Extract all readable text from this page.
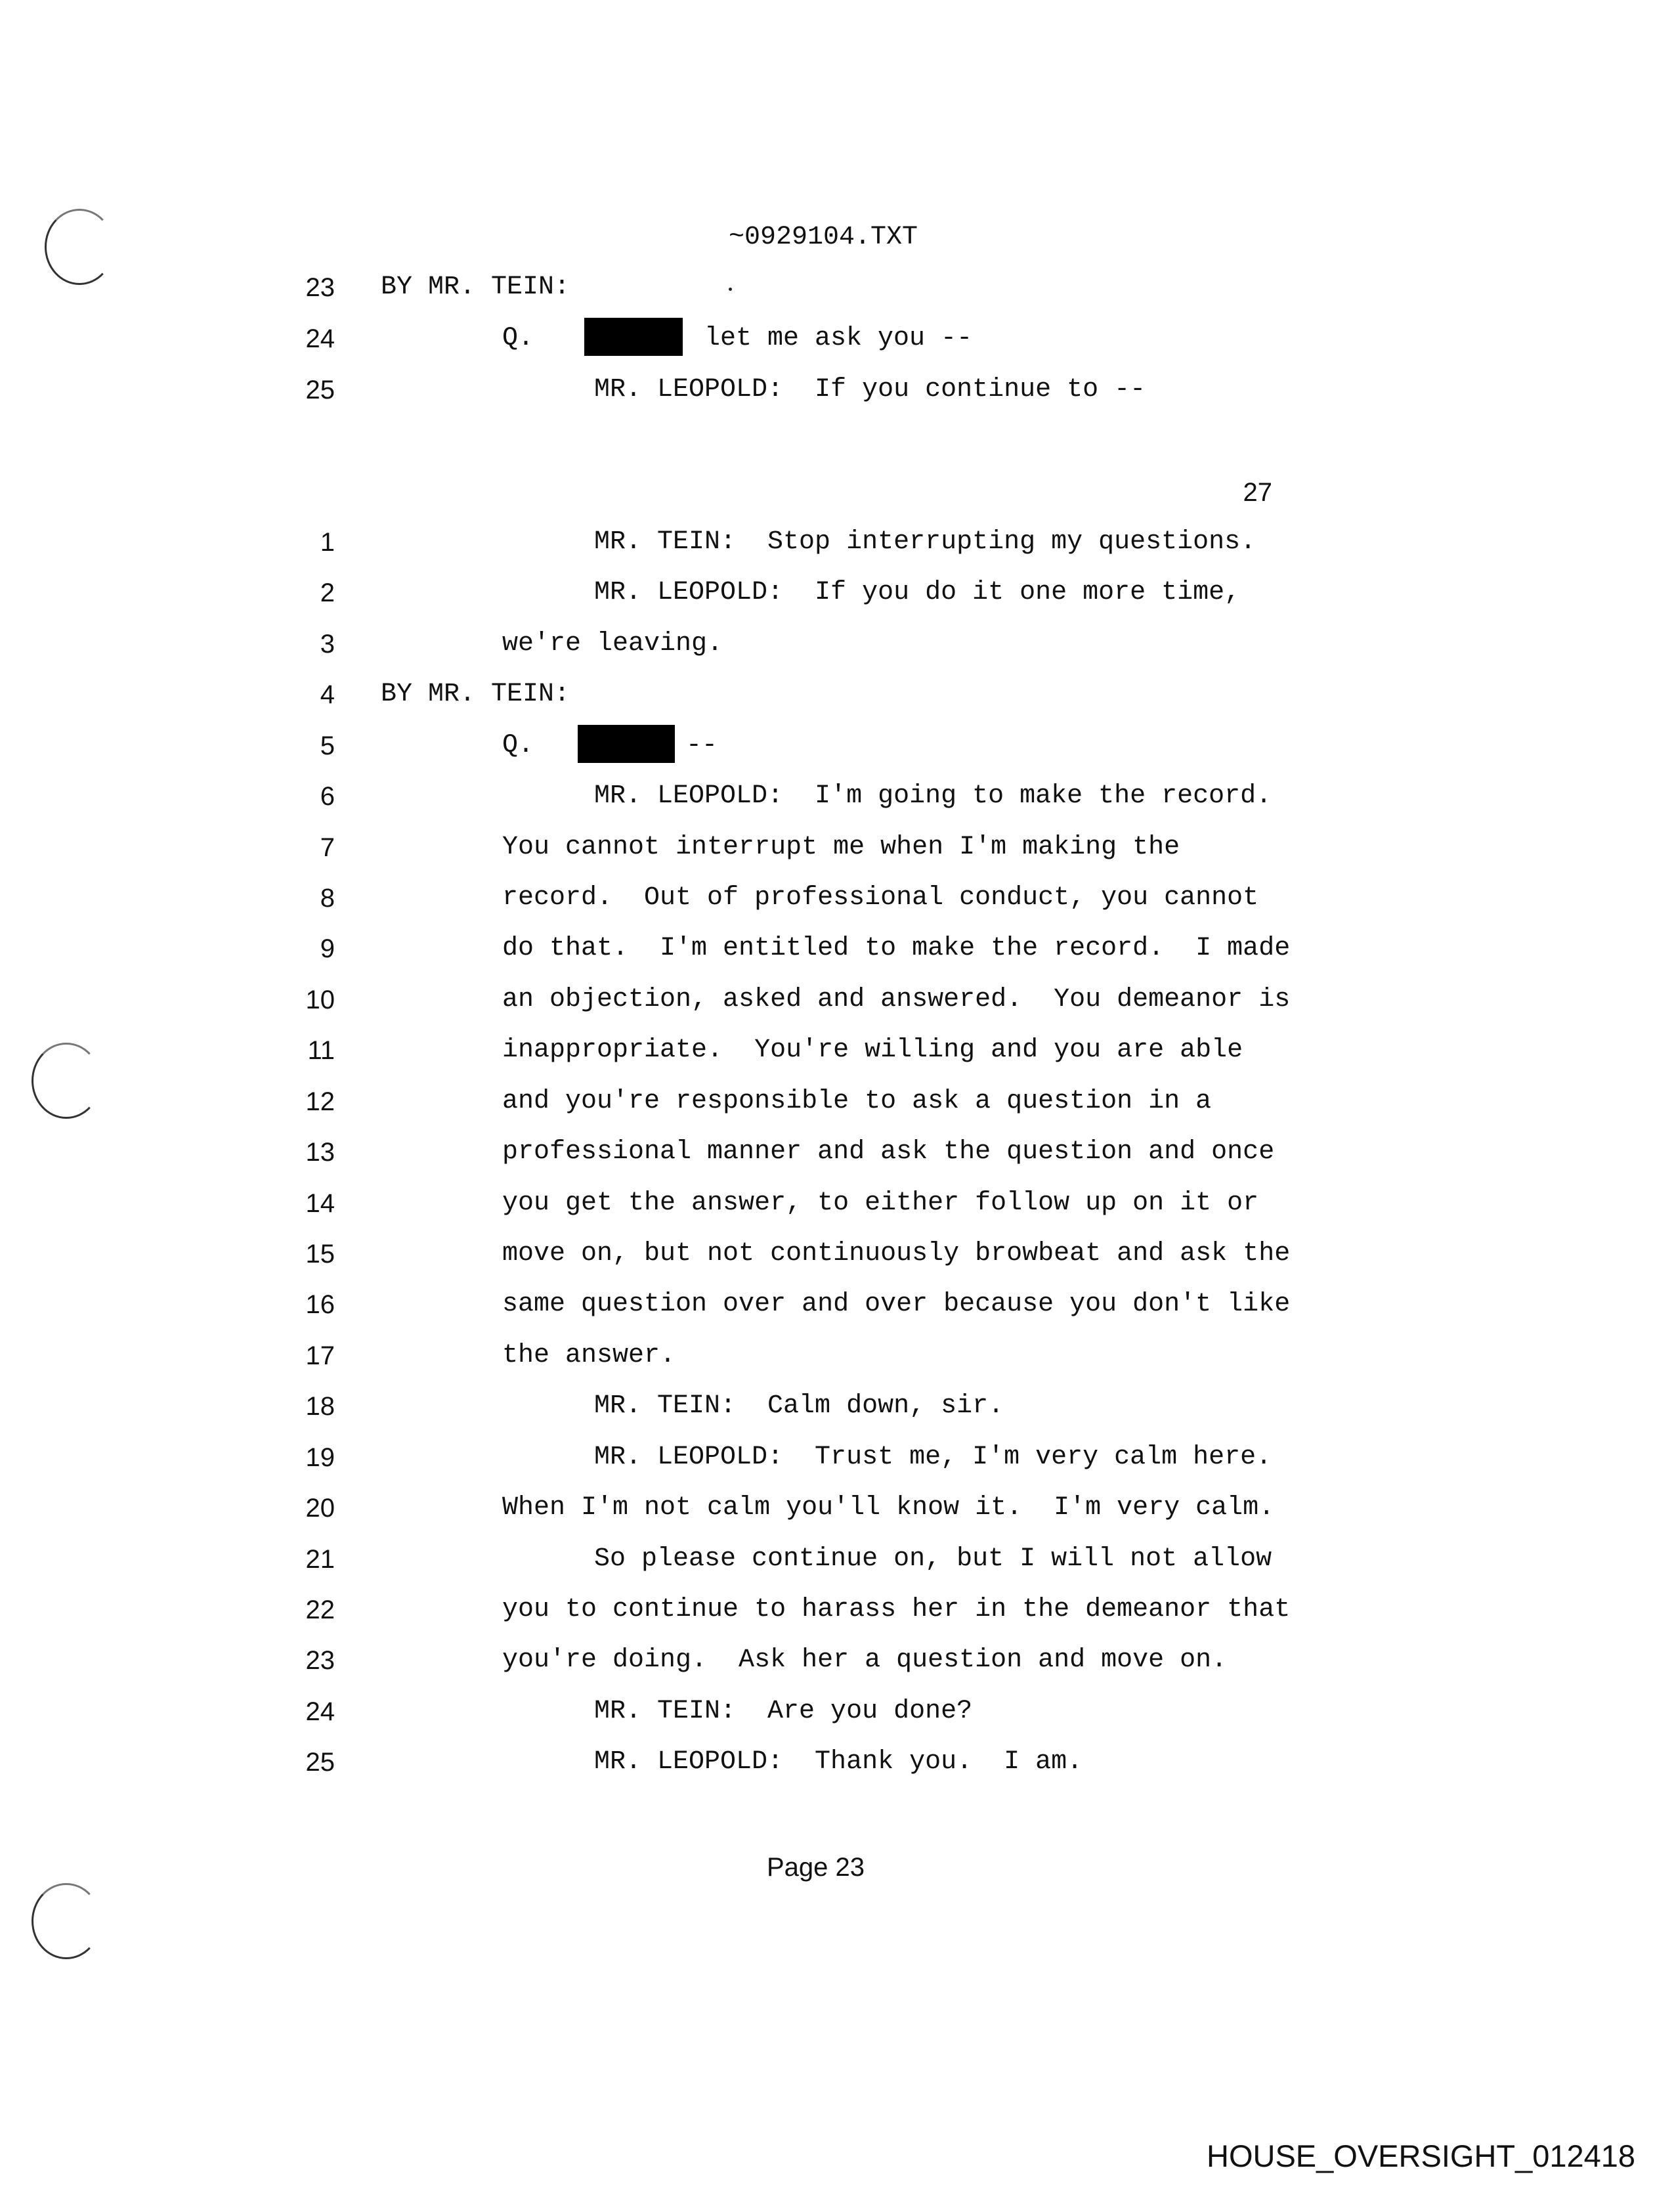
~0929104.TXT
23 BY MR. TEIN:
24	Q.	let me ask you --
25	MR. LEOPOLD:  If you continue to --
27
1	MR. TEIN:  Stop interrupting my questions.
2	MR. LEOPOLD:  If you do it one more time,
3	we're leaving.
4 BY MR. TEIN:
5	Q.	--
6	MR. LEOPOLD:  I'm going to make the record.
7	You cannot interrupt me when I'm making the
8	record.  Out of professional conduct, you cannot
9	do that.  I'm entitled to make the record.  I made
10	an objection, asked and answered.  You demeanor is
11	inappropriate.  You're willing and you are able
12	and you're responsible to ask a question in a
13	professional manner and ask the question and once
14	you get the answer, to either follow up on it or
15	move on, but not continuously browbeat and ask the
16	same question over and over because you don't like
17	the answer.
18	MR. TEIN:  Calm down, sir.
19	MR. LEOPOLD:  Trust me, I'm very calm here.
20	When I'm not calm you'll know it.  I'm very calm.
21	So please continue on, but I will not allow
22	you to continue to harass her in the demeanor that
23	you're doing.  Ask her a question and move on.
24	MR. TEIN:  Are you done?
25	MR. LEOPOLD:  Thank you.  I am.
Page 23
HOUSE_OVERSIGHT_012418
